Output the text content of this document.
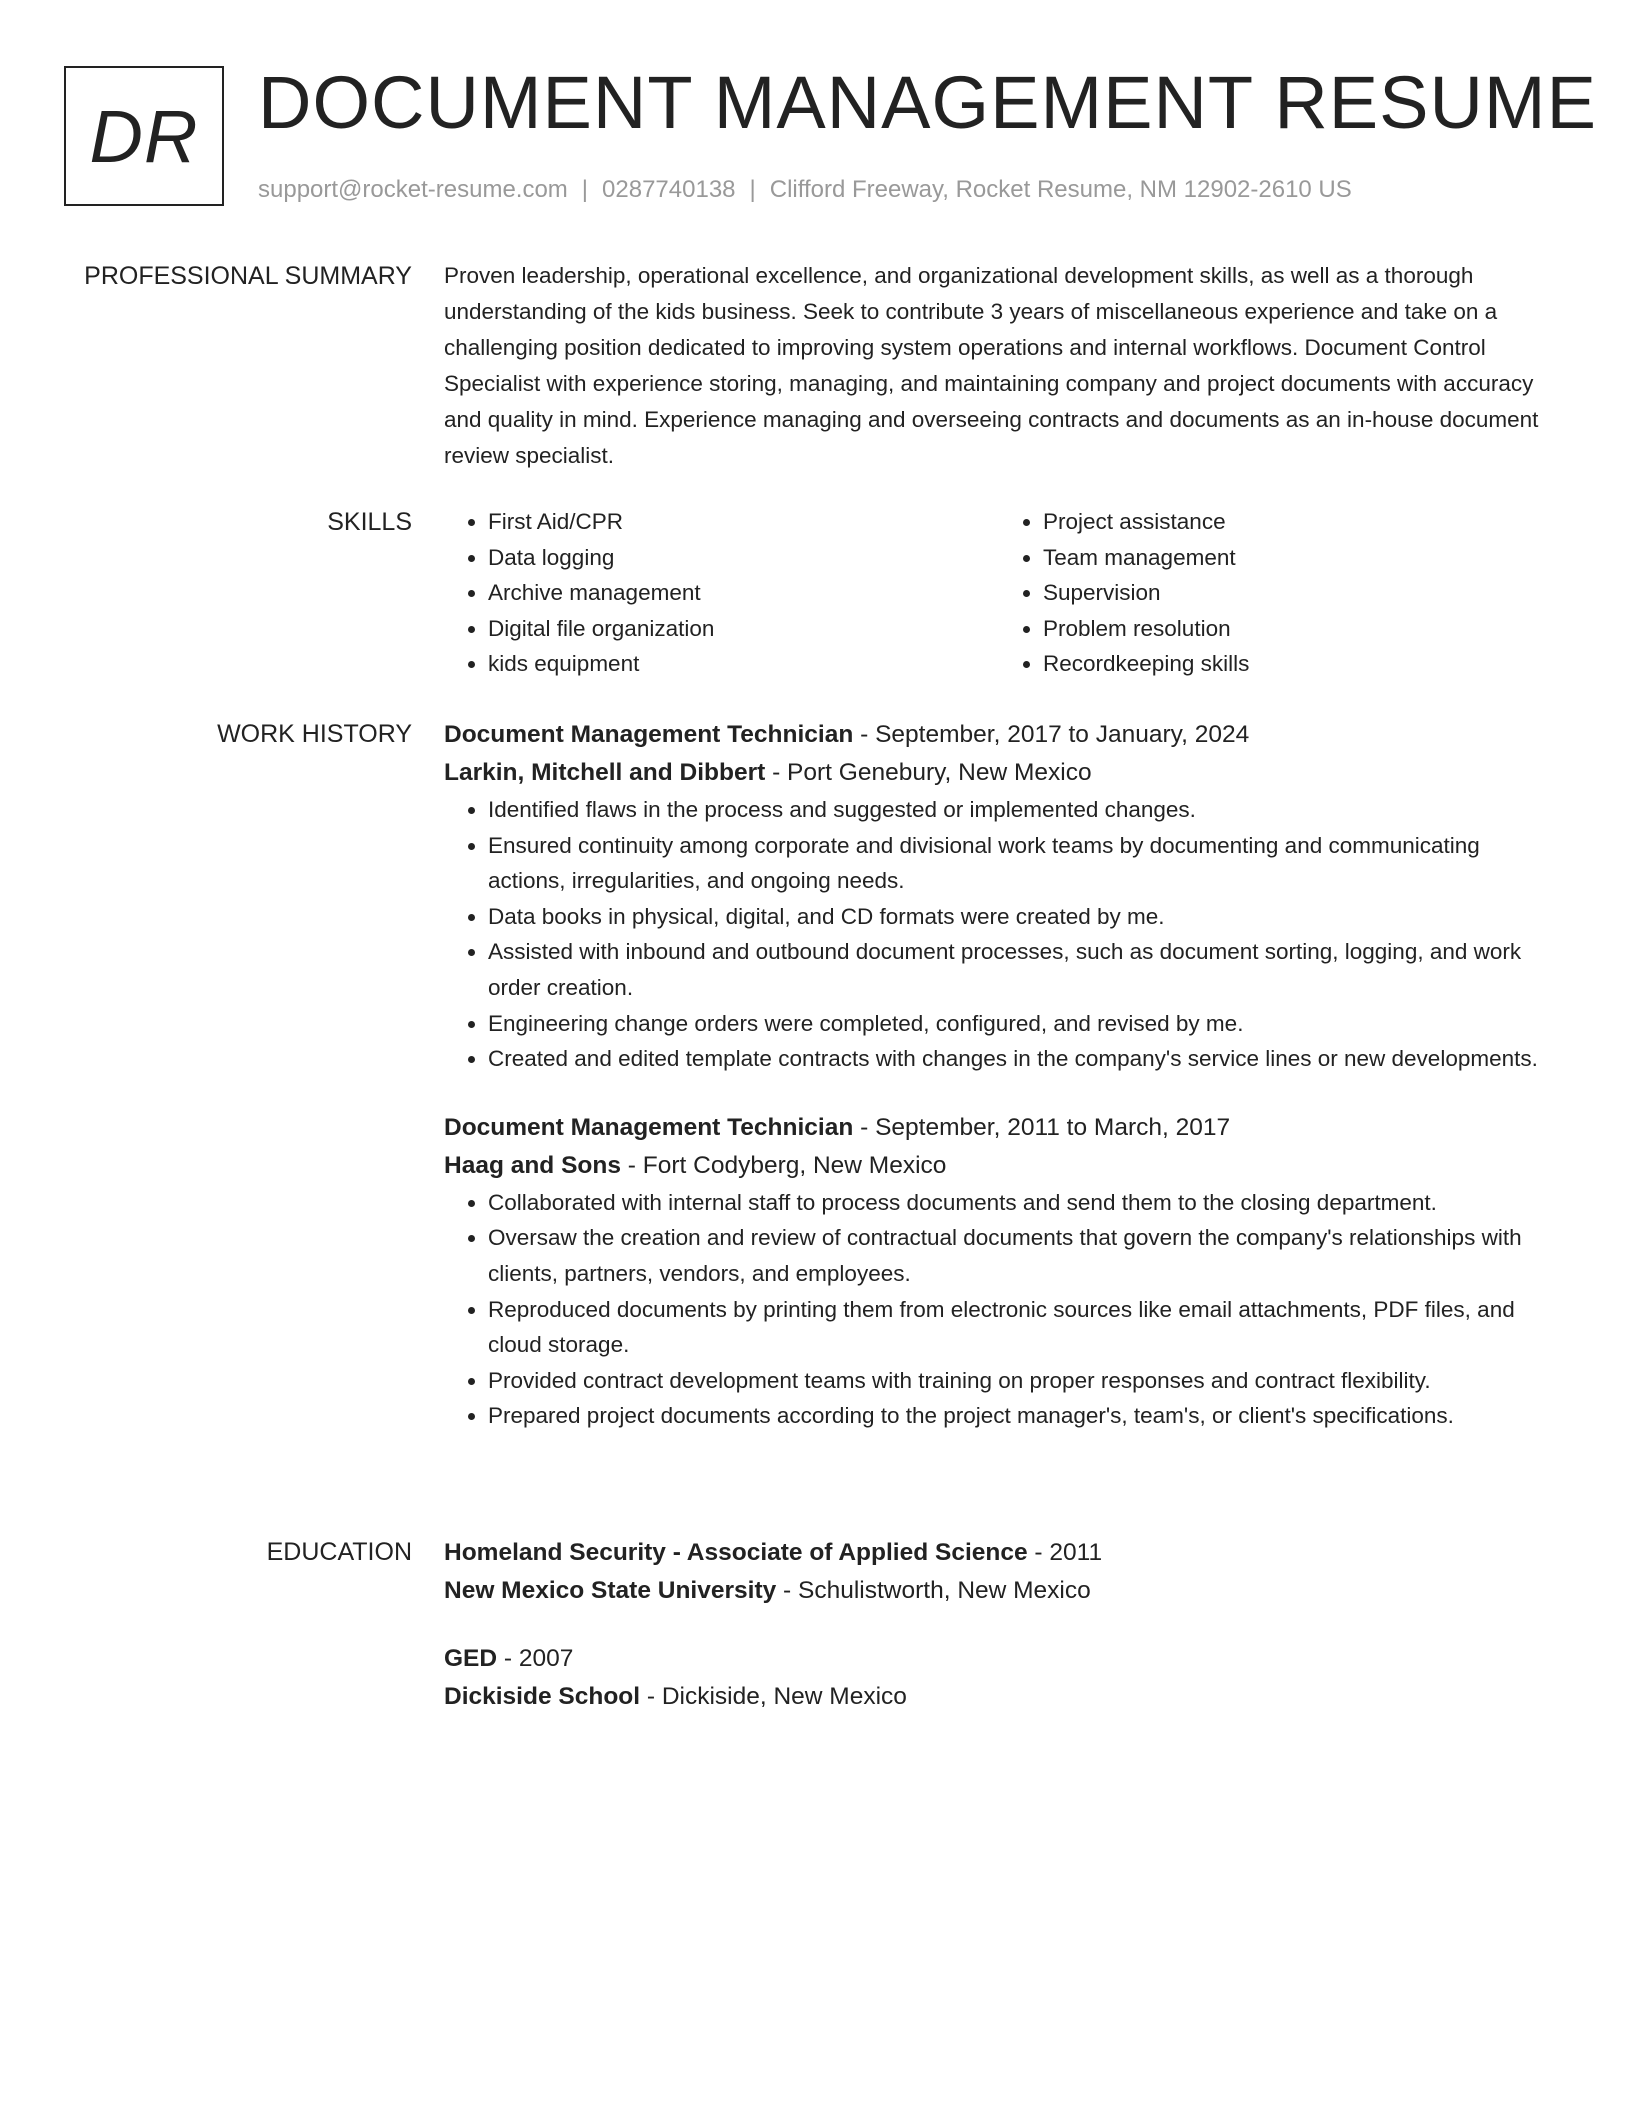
DR DOCUMENT MANAGEMENT RESUME
support@rocket-resume.com | 0287740138 | Clifford Freeway, Rocket Resume, NM 12902-2610 US
PROFESSIONAL SUMMARY Proven leadership, operational excellence, and organizational development skills, as well as a thorough understanding of the kids business. Seek to contribute 3 years of miscellaneous experience and take on a challenging position dedicated to improving system operations and internal workflows. Document Control Specialist with experience storing, managing, and maintaining company and project documents with accuracy and quality in mind. Experience managing and overseeing contracts and documents as an in-house document review specialist.

SKILLS
•	First Aid/CPR
• Data logging
• Archive management
• Digital file organization
• kids equipment
• Project assistance
• Team management
• Supervision
• Problem resolution
• Recordkeeping skills
WORK HISTORY Document Management Technician - September, 2017 to January, 2024

Larkin, Mitchell and Dibbert - Port Genebury, New Mexico

• Identified flaws in the process and suggested or implemented changes.
• Ensured continuity among corporate and divisional work teams by documenting and communicating actions, irregularities, and ongoing needs.
• Data books in physical, digital, and CD formats were created by me.
• Assisted with inbound and outbound document processes, such as document sorting, logging, and work order creation.
• Engineering change orders were completed, configured, and revised by me.
• Created and edited template contracts with changes in the company's service lines or new developments.

Document Management Technician - September, 2011 to March, 2017

Haag and Sons - Fort Codyberg, New Mexico

• Collaborated with internal staff to process documents and send them to the closing department.
• Oversaw the creation and review of contractual documents that govern the company's relationships with clients, partners, vendors, and employees.
• Reproduced documents by printing them from electronic sources like email attachments, PDF files, and cloud storage.
• Provided contract development teams with training on proper responses and contract flexibility.
• Prepared project documents according to the project manager's, team's, or client's specifications.
EDUCATION Homeland Security - Associate of Applied Science - 2011

New Mexico State University - Schulistworth, New Mexico

GED - 2007

Dickiside School - Dickiside, New Mexico
